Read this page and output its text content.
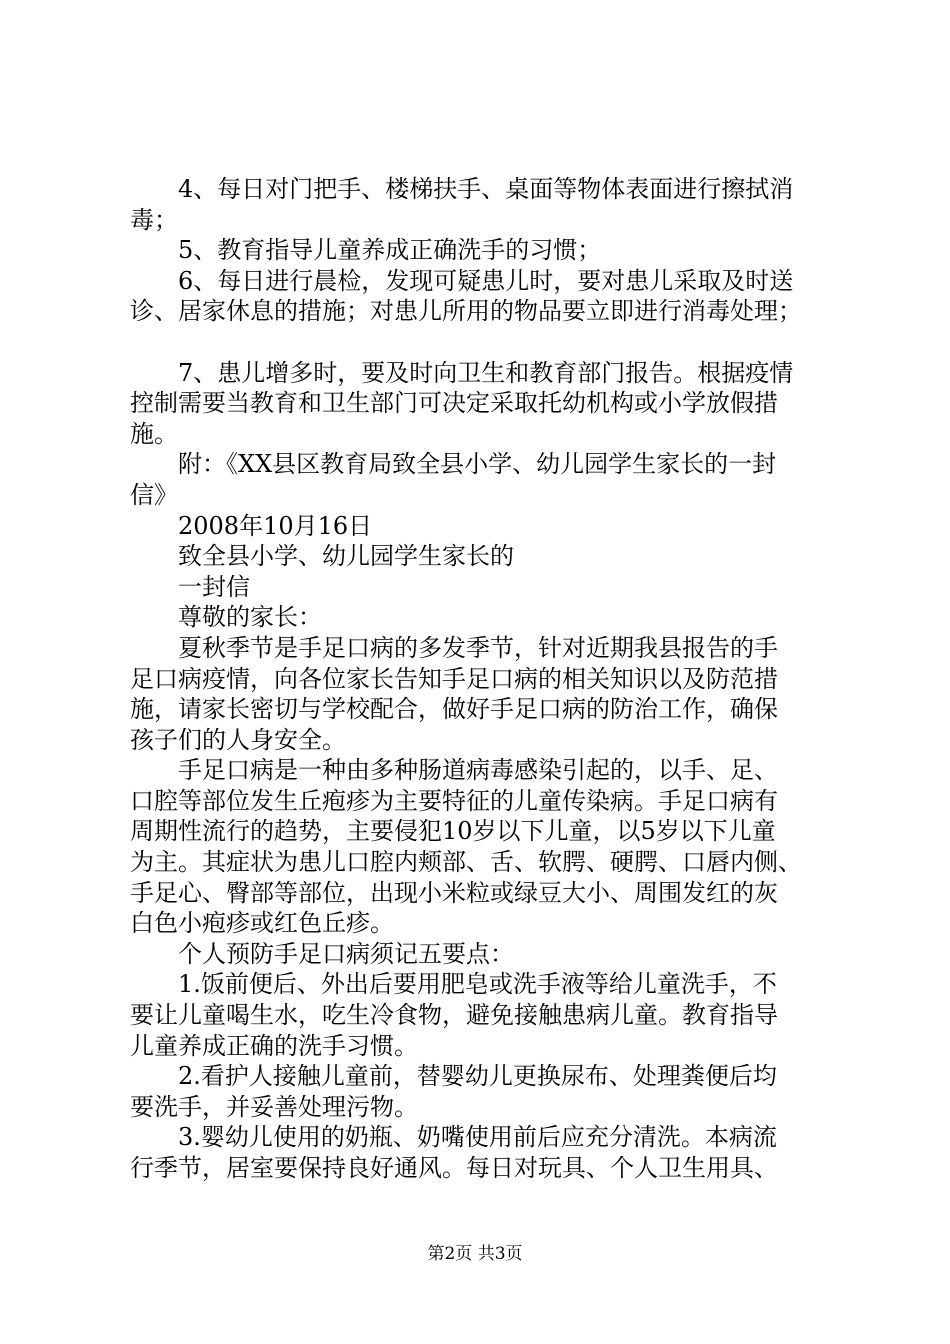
4、每日对门把手、楼梯扶手、桌面等物体表面进行擦拭消
毒；
5、教育指导儿童养成正确洗手的习惯；
6、每日进行晨检，发现可疑患儿时，要对患儿采取及时送
诊、居家休息的措施；对患儿所用的物品要立即进行消毒处理；
7、患儿增多时，要及时向卫生和教育部门报告。根据疫情
控制需要当教育和卫生部门可决定采取托幼机构或小学放假措
施。
附：《XX县区教育局致全县小学、幼儿园学生家长的一封
信》
2008年10月16日
致全县小学、幼儿园学生家长的
一封信
尊敬的家长：
夏秋季节是手足口病的多发季节，针对近期我县报告的手
足口病疫情，向各位家长告知手足口病的相关知识以及防范措
施，请家长密切与学校配合，做好手足口病的防治工作，确保
孩子们的人身安全。
手足口病是一种由多种肠道病毒感染引起的，以手、足、
口腔等部位发生丘疱疹为主要特征的儿童传染病。手足口病有
周期性流行的趋势，主要侵犯10岁以下儿童，以5岁以下儿童
为主。其症状为患儿口腔内颊部、舌、软腭、硬腭、口唇内侧、
手足心、臀部等部位，出现小米粒或绿豆大小、周围发红的灰
白色小疱疹或红色丘疹。
个人预防手足口病须记五要点：
1.饭前便后、外出后要用肥皂或洗手液等给儿童洗手，不
要让儿童喝生水，吃生冷食物，避免接触患病儿童。教育指导
儿童养成正确的洗手习惯。
2.看护人接触儿童前，替婴幼儿更换尿布、处理粪便后均
要洗手，并妥善处理污物。
3.婴幼儿使用的奶瓶、奶嘴使用前后应充分清洗。本病流
行季节，居室要保持良好通风。每日对玩具、个人卫生用具、
第2页 共3页
